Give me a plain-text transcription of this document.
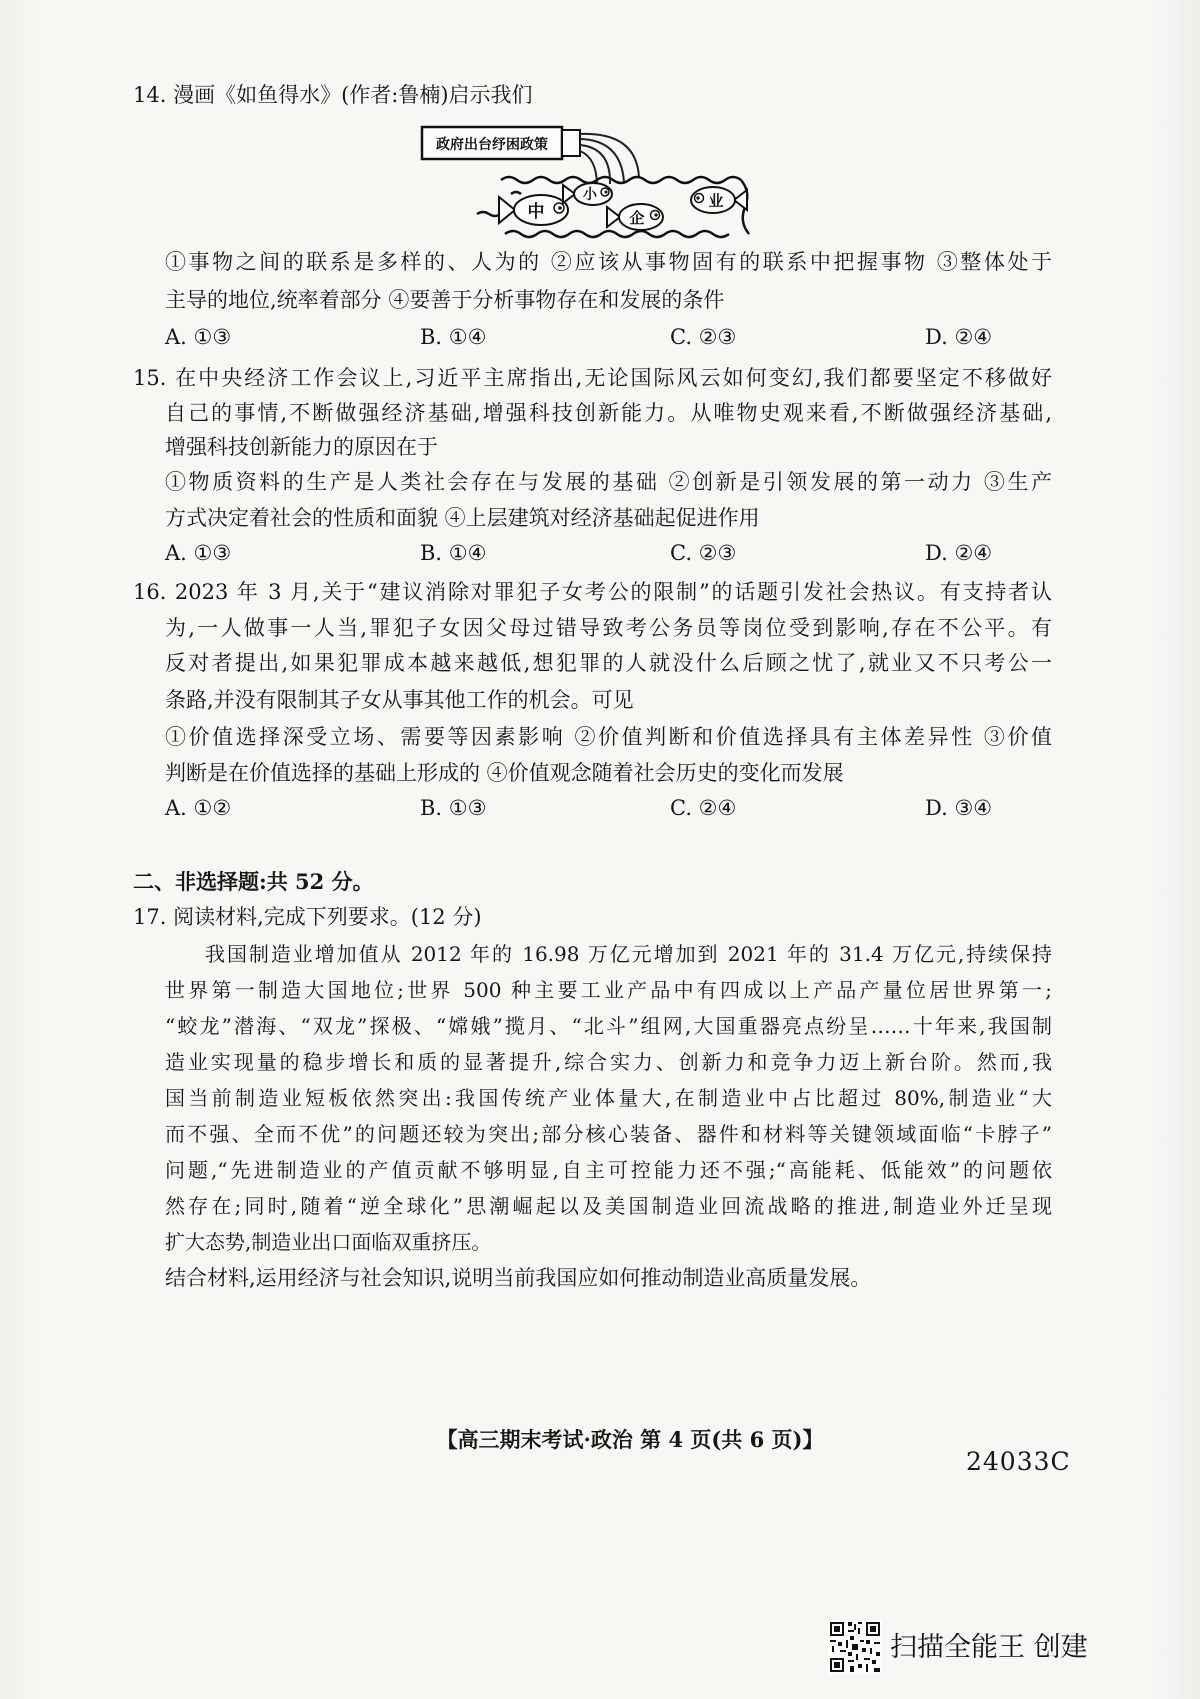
14. 漫画《如鱼得水》(作者:鲁楠)启示我们
政府出台纾困政策
中
小
企
业
①事物之间的联系是多样的、人为的 ②应该从事物固有的联系中把握事物 ③整体处于
主导的地位,统率着部分 ④要善于分析事物存在和发展的条件
A. ①③	B. ①④	C. ②③	D. ②④
15. 在中央经济工作会议上,习近平主席指出,无论国际风云如何变幻,我们都要坚定不移做好
自己的事情,不断做强经济基础,增强科技创新能力。从唯物史观来看,不断做强经济基础,
增强科技创新能力的原因在于
①物质资料的生产是人类社会存在与发展的基础 ②创新是引领发展的第一动力 ③生产
方式决定着社会的性质和面貌 ④上层建筑对经济基础起促进作用
A. ①③	B. ①④	C. ②③	D. ②④
16. 2023 年 3 月,关于“建议消除对罪犯子女考公的限制”的话题引发社会热议。有支持者认
为,一人做事一人当,罪犯子女因父母过错导致考公务员等岗位受到影响,存在不公平。有
反对者提出,如果犯罪成本越来越低,想犯罪的人就没什么后顾之忧了,就业又不只考公一
条路,并没有限制其子女从事其他工作的机会。可见
①价值选择深受立场、需要等因素影响 ②价值判断和价值选择具有主体差异性 ③价值
判断是在价值选择的基础上形成的 ④价值观念随着社会历史的变化而发展
A. ①②	B. ①③	C. ②④	D. ③④
二、非选择题:共 52 分。
17. 阅读材料,完成下列要求。(12 分)
我国制造业增加值从 2012 年的 16.98 万亿元增加到 2021 年的 31.4 万亿元,持续保持
世界第一制造大国地位;世界 500 种主要工业产品中有四成以上产品产量位居世界第一;
“蛟龙”潜海、“双龙”探极、“嫦娥”揽月、“北斗”组网,大国重器亮点纷呈……十年来,我国制
造业实现量的稳步增长和质的显著提升,综合实力、创新力和竞争力迈上新台阶。然而,我
国当前制造业短板依然突出:我国传统产业体量大,在制造业中占比超过 80%,制造业“大
而不强、全而不优”的问题还较为突出;部分核心装备、器件和材料等关键领域面临“卡脖子”
问题,“先进制造业的产值贡献不够明显,自主可控能力还不强;“高能耗、低能效”的问题依
然存在;同时,随着“逆全球化”思潮崛起以及美国制造业回流战略的推进,制造业外迁呈现
扩大态势,制造业出口面临双重挤压。
结合材料,运用经济与社会知识,说明当前我国应如何推动制造业高质量发展。
【高三期末考试·政治 第 4 页(共 6 页)】
24033C
扫描全能王 创建
